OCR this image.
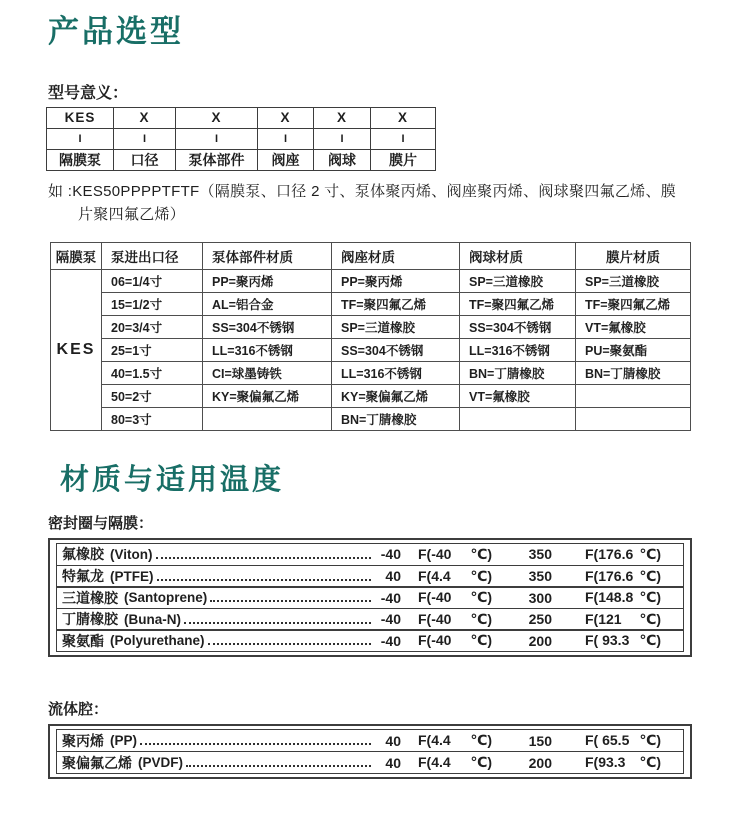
产品选型
型号意义：
KES	X	X	X	X	X
I	I	I	I	I	I
隔膜泵	口径	泵体部件	阀座	阀球	膜片

如 :KES50PPPPTFTF（隔膜泵、口径 2 寸、泵体聚丙烯、阀座聚丙烯、阀球聚四氟乙烯、膜
片聚四氟乙烯）

隔膜泵	泵进出口径	泵体部件材质	阀座材质	阀球材质	膜片材质
KES	06=1/4寸	PP=聚丙烯	PP=聚丙烯	SP=三道橡胶	SP=三道橡胶
	15=1/2寸	AL=铝合金	TF=聚四氟乙烯	TF=聚四氟乙烯	TF=聚四氟乙烯
	20=3/4寸	SS=304不锈钢	SP=三道橡胶	SS=304不锈钢	VT=氟橡胶
	25=1寸	LL=316不锈钢	SS=304不锈钢	LL=316不锈钢	PU=聚氨酯
	40=1.5寸	CI=球墨铸铁	LL=316不锈钢	BN=丁腈橡胶	BN=丁腈橡胶
	50=2寸	KY=聚偏氟乙烯	KY=聚偏氟乙烯	VT=氟橡胶	
	80=3寸		BN=丁腈橡胶		
材质与适用温度
密封圈与隔膜：
氟橡胶 (Viton)	-40 F(-40 ℃)	350 F(176.6 ℃)
特氟龙 (PTFE)	40 F(4.4 ℃)	350 F(176.6 ℃)
三道橡胶 (Santoprene)	-40 F(-40 ℃)	300 F(148.8 ℃)
丁腈橡胶 (Buna-N)	-40 F(-40 ℃)	250 F(121 ℃)
聚氨酯 (Polyurethane)	-40 F(-40 ℃)	200 F( 93.3 ℃)
流体腔：
聚丙烯 (PP)	40 F(4.4 ℃)	150 F( 65.5 ℃)
聚偏氟乙烯 (PVDF)	40 F(4.4 ℃)	200 F(93.3 ℃)
